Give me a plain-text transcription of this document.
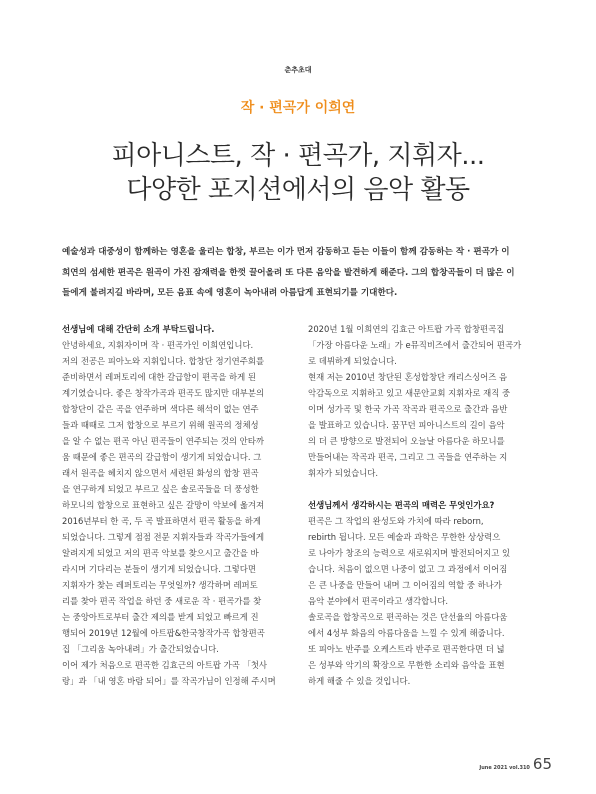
춘추초대
작 · 편곡가 이희연
피아니스트, 작 · 편곡가, 지휘자...
다양한 포지션에서의 음악 활동
예술성과 대중성이 함께하는 영혼을 울리는 합창, 부르는 이가 먼저 감동하고 듣는 이들이 함께 감동하는 작 · 편곡가 이
희연의 섬세한 편곡은 원곡이 가진 잠재력을 한껏 끌어올려 또 다른 음악을 발견하게 해준다. 그의 합창곡들이 더 많은 이
들에게 불려지길 바라며, 모든 음표 속에 영혼이 녹아내려 아름답게 표현되기를 기대한다.
선생님에 대해 간단히 소개 부탁드립니다.
안녕하세요, 지휘자이며 작 · 편곡가인 이희연입니다.
저의 전공은 피아노와 지휘입니다. 합창단 정기연주회를
준비하면서 레퍼토리에 대한 갈급함이 편곡을 하게 된
계기였습니다. 좋은 창작가곡과 편곡도 많지만 대부분의
합창단이 같은 곡을 연주하며 색다른 해석이 없는 연주
들과 때때로 그저 합창으로 부르기 위해 원곡의 정체성
을 알 수 없는 편곡 아닌 편곡들이 연주되는 것의 안타까
움 때문에 좋은 편곡의 갈급함이 생기게 되었습니다. 그
래서 원곡을 헤치지 않으면서 세련된 화성의 합창 편곡
을 연구하게 되었고 부르고 싶은 솔로곡들을 더 풍성한
하모니의 합창으로 표현하고 싶은 갈망이 악보에 옮겨져
2016년부터 한 곡, 두 곡 발표하면서 편곡 활동을 하게
되었습니다. 그렇게 점점 전문 지휘자들과 작곡가들에게
알려지게 되었고 저의 편곡 악보를 찾으시고 출간을 바
라시며 기다리는 분들이 생기게 되었습니다. 그렇다면
지휘자가 찾는 레퍼토리는 무엇일까? 생각하며 레퍼토
리를 찾아 편곡 작업을 하던 중 새로운 작 · 편곡가를 찾
는 중앙아트로부터 출간 제의를 받게 되었고 빠르게 진
행되어 2019년 12월에 아트팝&한국창작가곡 합창편곡
집 「그리움 녹아내려」가 출간되었습니다.
이어 제가 처음으로 편곡한 김효근의 아트팝 가곡 「첫사
랑」과 「내 영혼 바람 되어」를 작곡가님이 인정해 주시며
2020년 1월 이희연의 김효근 아트팝 가곡 합창편곡집
「가장 아름다운 노래」가 e뮤직비즈에서 출간되어 편곡가
로 데뷔하게 되었습니다.
현재 저는 2010년 창단된 혼성합창단 캐리스싱어즈 음
악감독으로 지휘하고 있고 새문안교회 지휘자로 재직 중
이며 성가곡 및 한국 가곡 작곡과 편곡으로 출간과 음반
을 발표하고 있습니다. 꿈꾸던 피아니스트의 길이 음악
의 더 큰 방향으로 발전되어 오늘날 아름다운 하모니를
만들어내는 작곡과 편곡, 그리고 그 곡들을 연주하는 지
휘자가 되었습니다.
선생님께서 생각하시는 편곡의 매력은 무엇인가요?
편곡은 그 작업의 완성도와 가치에 따라 reborn,
rebirth 됩니다. 모든 예술과 과학은 무한한 상상력으
로 나아가 창조의 능력으로 새로워지며 발전되어지고 있
습니다. 처음이 없으면 나중이 없고 그 과정에서 이어짐
은 큰 나중을 만들어 내며 그 이어짐의 역할 중 하나가
음악 분야에서 편곡이라고 생각합니다.
솔로곡을 합창곡으로 편곡하는 것은 단선율의 아름다움
에서 4성부 화음의 아름다움을 느낄 수 있게 해줍니다.
또 피아노 반주를 오케스트라 반주로 편곡한다면 더 넓
은 성부와 악기의 확장으로 무한한 소리와 음악을 표현
하게 해줄 수 있을 것입니다.
June 2021 vol.310 65
